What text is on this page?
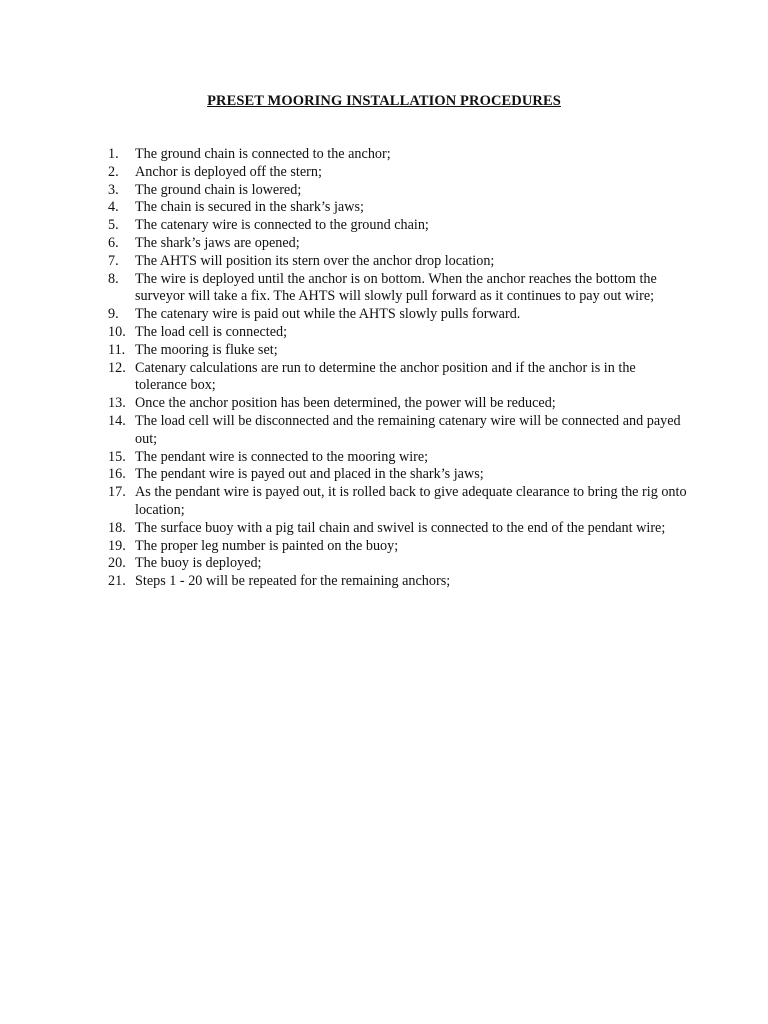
PRESET MOORING INSTALLATION PROCEDURES
1.	The ground chain is connected to the anchor;
2.	Anchor is deployed off the stern;
3.	The ground chain is lowered;
4.	The chain is secured in the shark’s jaws;
5.	The catenary wire is connected to the ground chain;
6.	The shark’s jaws are opened;
7.	The AHTS will position its stern over the anchor drop location;
8.	The wire is deployed until the anchor is on bottom. When the anchor reaches the bottom the surveyor will take a fix. The AHTS will slowly pull forward as it continues to pay out wire;
9.	The catenary wire is paid out while the AHTS slowly pulls forward.
10. The load cell is connected;
11. The mooring is fluke set;
12. Catenary calculations are run to determine the anchor position and if the anchor is in the tolerance box;
13. Once the anchor position has been determined, the power will be reduced;
14. The load cell will be disconnected and the remaining catenary wire will be connected and payed out;
15. The pendant wire is connected to the mooring wire;
16. The pendant wire is payed out and placed in the shark’s jaws;
17. As the pendant wire is payed out, it is rolled back to give adequate clearance to bring the rig onto location;
18. The surface buoy with a pig tail chain and swivel is connected to the end of the pendant wire;
19. The proper leg number is painted on the buoy;
20. The buoy is deployed;
21. Steps 1 - 20 will be repeated for the remaining anchors;
